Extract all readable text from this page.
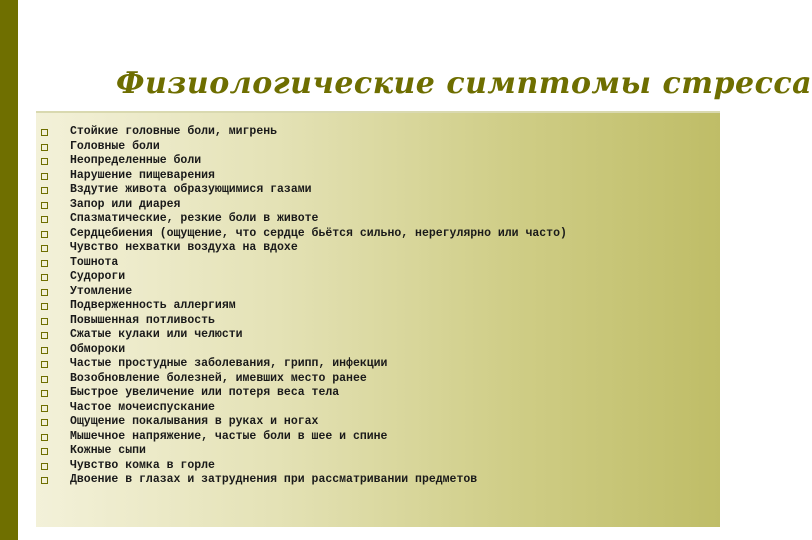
Физиологические симптомы стресса
Стойкие головные боли, мигрень
Головные боли
Неопределенные боли
Нарушение пищеварения
Вздутие живота образующимися газами
Запор или диарея
Спазматические, резкие боли в животе
Сердцебиения (ощущение, что сердце бьётся сильно, нерегулярно или часто)
Чувство нехватки воздуха на вдохе
Тошнота
Судороги
Утомление
Подверженность аллергиям
Повышенная потливость
Сжатые кулаки или челюсти
Обмороки
Частые простудные заболевания, грипп, инфекции
Возобновление болезней, имевших место ранее
Быстрое увеличение или потеря веса тела
Частое мочеиспускание
Ощущение покалывания в руках и ногах
Мышечное напряжение, частые боли в шее и спине
Кожные сыпи
Чувство комка в горле
Двоение в глазах и затруднения при рассматривании предметов
